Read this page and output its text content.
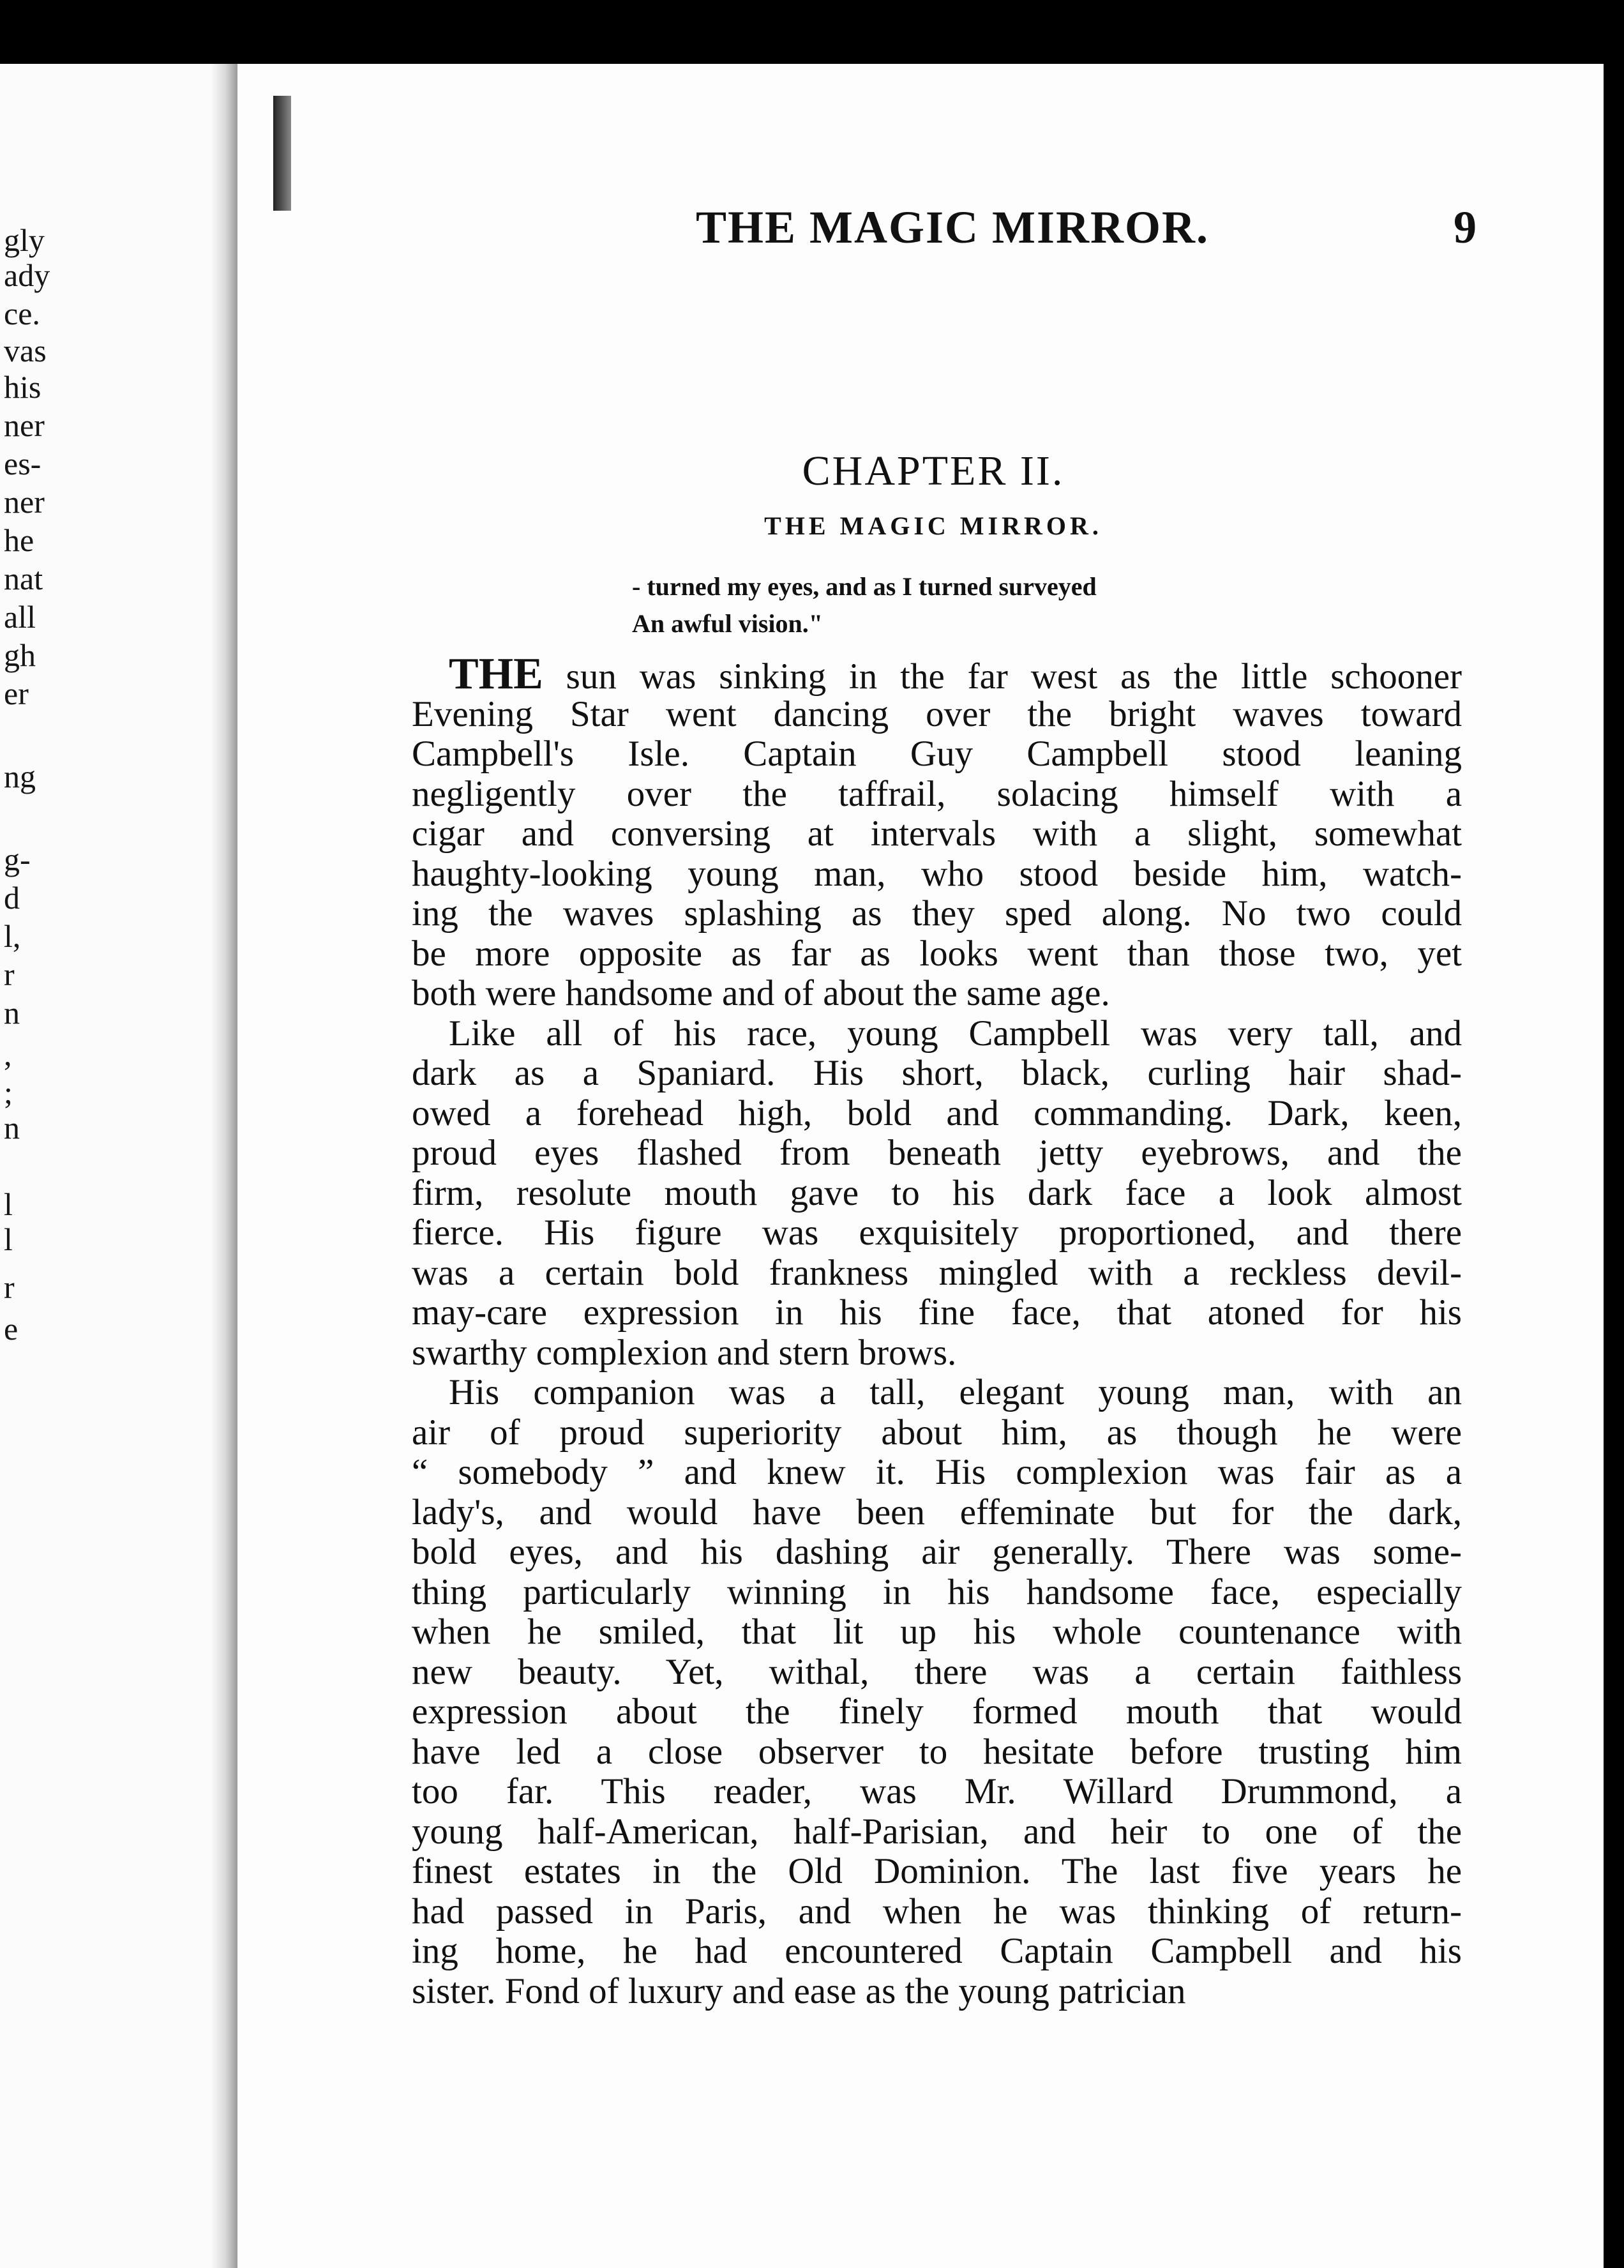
gly
ady
ce.
vas
his
ner
es-
ner
he
nat
all
gh
er
ng
g-
d
l,
r
n
,
;
n
l
l
r
e
THE MAGIC MIRROR.	9
CHAPTER II.
THE MAGIC MIRROR.
- turned my eyes, and as I turned surveyed
An awful vision."
THE sun was sinking in the far west as the little schooner
Evening Star went dancing over the bright waves toward
Campbell's Isle. Captain Guy Campbell stood leaning
negligently over the taffrail, solacing himself with a
cigar and conversing at intervals with a slight, somewhat
haughty-looking young man, who stood beside him, watch-
ing the waves splashing as they sped along. No two could
be more opposite as far as looks went than those two, yet
both were handsome and of about the same age.
Like all of his race, young Campbell was very tall, and
dark as a Spaniard. His short, black, curling hair shad-
owed a forehead high, bold and commanding. Dark, keen,
proud eyes flashed from beneath jetty eyebrows, and the
firm, resolute mouth gave to his dark face a look almost
fierce. His figure was exquisitely proportioned, and there
was a certain bold frankness mingled with a reckless devil-
may-care expression in his fine face, that atoned for his
swarthy complexion and stern brows.
His companion was a tall, elegant young man, with an
air of proud superiority about him, as though he were
“ somebody ” and knew it. His complexion was fair as a
lady's, and would have been effeminate but for the dark,
bold eyes, and his dashing air generally. There was some-
thing particularly winning in his handsome face, especially
when he smiled, that lit up his whole countenance with
new beauty. Yet, withal, there was a certain faithless
expression about the finely formed mouth that would
have led a close observer to hesitate before trusting him
too far. This reader, was Mr. Willard Drummond, a
young half-American, half-Parisian, and heir to one of the
finest estates in the Old Dominion. The last five years he
had passed in Paris, and when he was thinking of return-
ing home, he had encountered Captain Campbell and his
sister. Fond of luxury and ease as the young patrician
